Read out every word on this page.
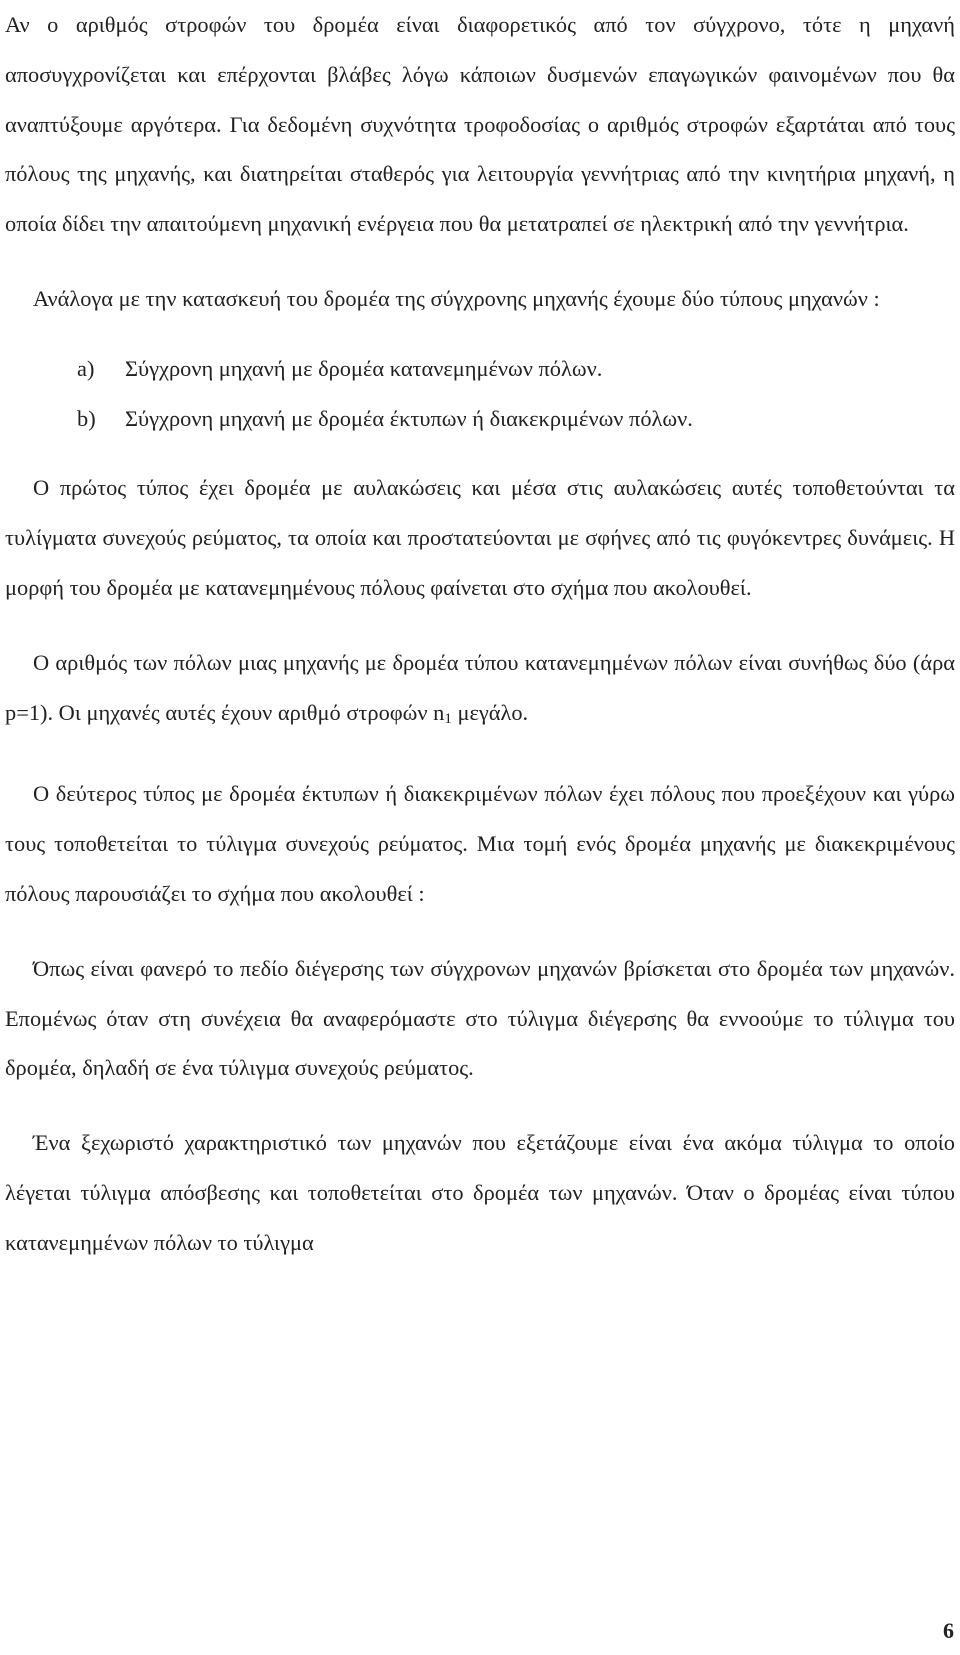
Αν ο αριθμός στροφών του δρομέα είναι διαφορετικός από τον σύγχρονο, τότε η μηχανή αποσυγχρονίζεται και επέρχονται βλάβες λόγω κάποιων δυσμενών επαγωγικών φαινομένων που θα αναπτύξουμε αργότερα. Για δεδομένη συχνότητα τροφοδοσίας ο αριθμός στροφών εξαρτάται από τους πόλους της μηχανής, και διατηρείται σταθερός για λειτουργία γεννήτριας από την κινητήρια μηχανή, η οποία δίδει την απαιτούμενη μηχανική ενέργεια που θα μετατραπεί σε ηλεκτρική από την γεννήτρια.

Ανάλογα με την κατασκευή του δρομέα της σύγχρονης μηχανής έχουμε δύο τύπους μηχανών :

a) Σύγχρονη μηχανή με δρομέα κατανεμημένων πόλων.
b) Σύγχρονη μηχανή με δρομέα έκτυπων ή διακεκριμένων πόλων.

Ο πρώτος τύπος έχει δρομέα με αυλακώσεις και μέσα στις αυλακώσεις αυτές τοποθετούνται τα τυλίγματα συνεχούς ρεύματος, τα οποία και προστατεύονται με σφήνες από τις φυγόκεντρες δυνάμεις. Η μορφή του δρομέα με κατανεμημένους πόλους φαίνεται στο σχήμα που ακολουθεί.

Ο αριθμός των πόλων μιας μηχανής με δρομέα τύπου κατανεμημένων πόλων είναι συνήθως δύο (άρα p=1). Οι μηχανές αυτές έχουν αριθμό στροφών $n_1$ μεγάλο.

Ο δεύτερος τύπος με δρομέα έκτυπων ή διακεκριμένων πόλων έχει πόλους που προεξέχουν και γύρω τους τοποθετείται το τύλιγμα συνεχούς ρεύματος. Μια τομή ενός δρομέα μηχανής με διακεκριμένους πόλους παρουσιάζει το σχήμα που ακολουθεί :

Όπως είναι φανερό το πεδίο διέγερσης των σύγχρονων μηχανών βρίσκεται στο δρομέα των μηχανών. Επομένως όταν στη συνέχεια θα αναφερόμαστε στο τύλιγμα διέγερσης θα εννοούμε το τύλιγμα του δρομέα, δηλαδή σε ένα τύλιγμα συνεχούς ρεύματος.

Ένα ξεχωριστό χαρακτηριστικό των μηχανών που εξετάζουμε είναι ένα ακόμα τύλιγμα το οποίο λέγεται τύλιγμα απόσβεσης και τοποθετείται στο δρομέα των μηχανών. Όταν ο δρομέας είναι τύπου κατανεμημένων πόλων το τύλιγμα

6
